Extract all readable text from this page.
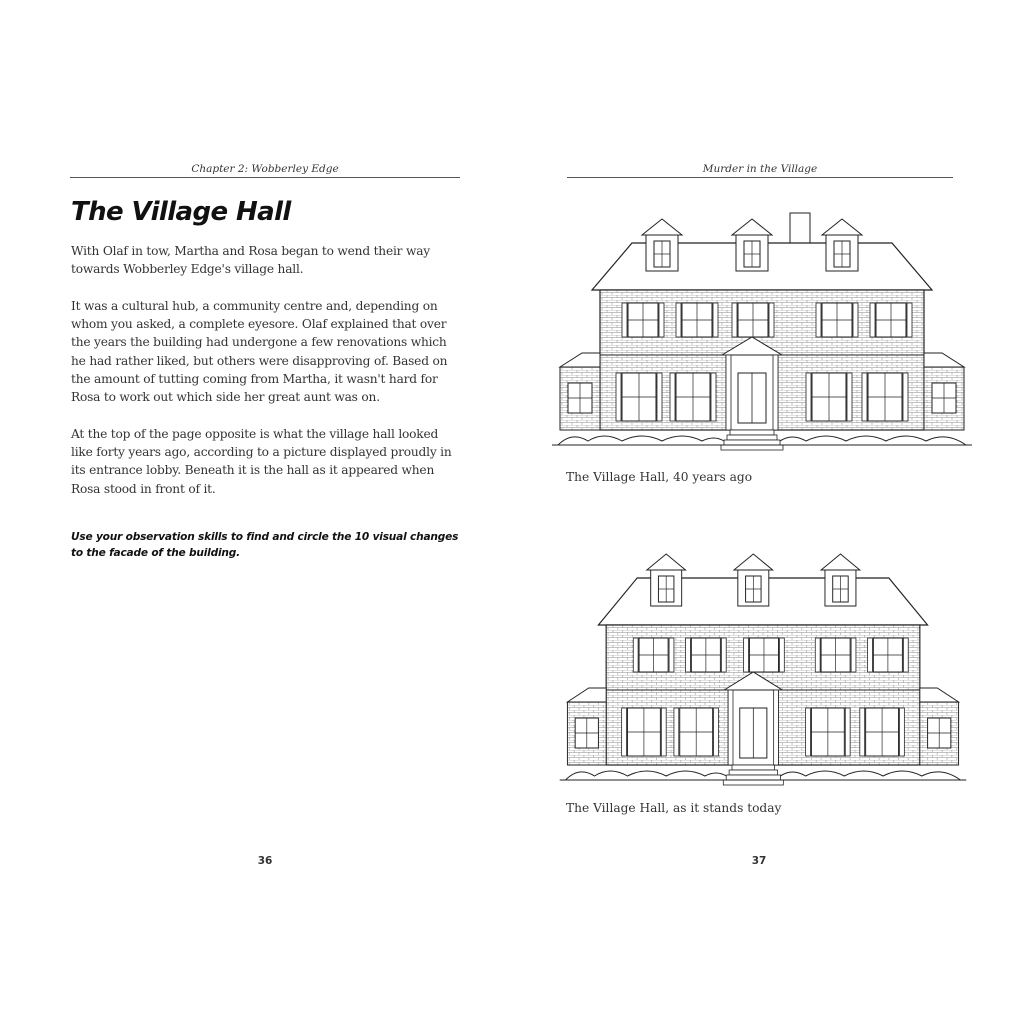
Chapter 2: Wobberley Edge
The Village Hall

With Olaf in tow, Martha and Rosa began to wend their way towards Wobberley Edge's village hall.

It was a cultural hub, a community centre and, depending on whom you asked, a complete eyesore. Olaf explained that over the years the building had undergone a few renovations which he had rather liked, but others were disapproving of. Based on the amount of tutting coming from Martha, it wasn't hard for Rosa to work out which side her great aunt was on.

At the top of the page opposite is what the village hall looked like forty years ago, according to a picture displayed proudly in its entrance lobby. Beneath it is the hall as it appeared when Rosa stood in front of it.

Use your observation skills to find and circle the 10 visual changes to the facade of the building.

36
Murder in the Village
The Village Hall, 40 years ago
The Village Hall, as it stands today
37
